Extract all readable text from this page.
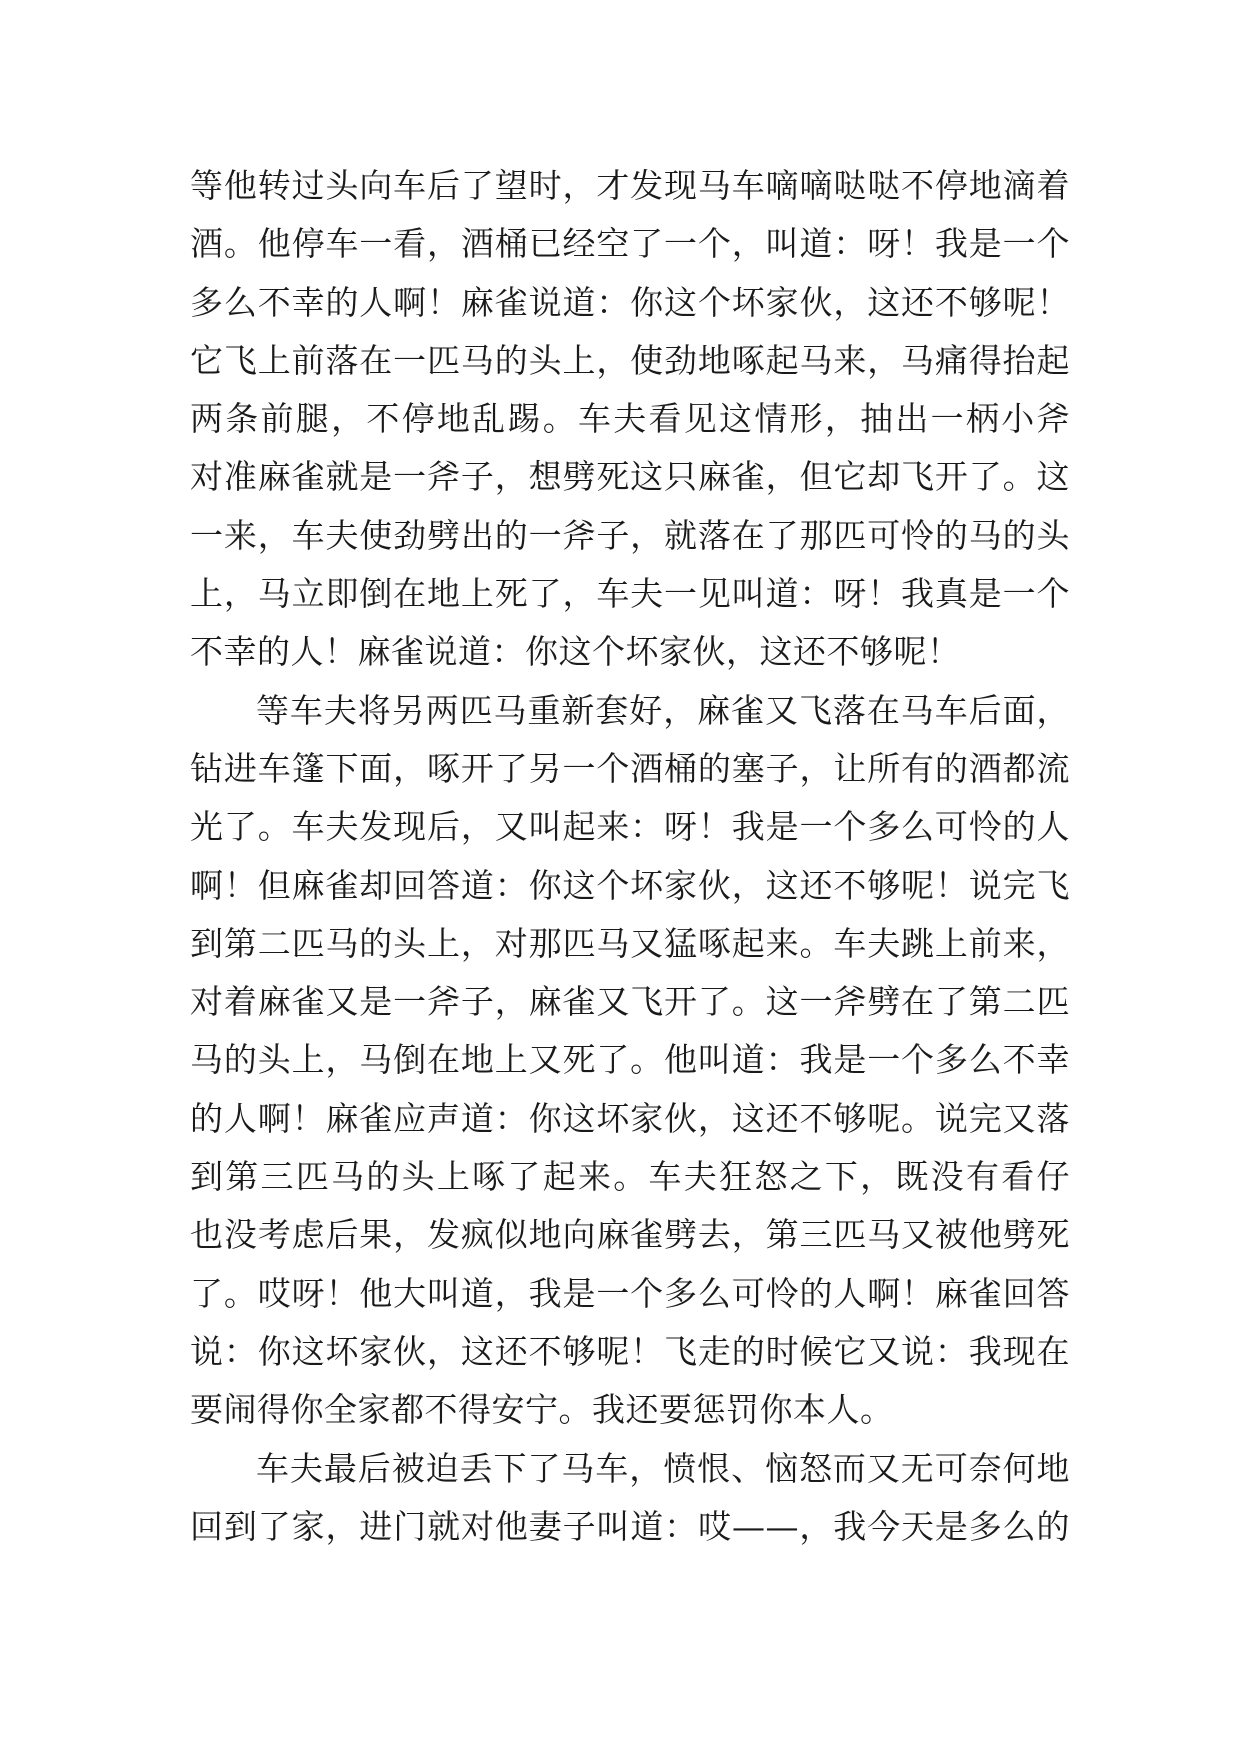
等他转过头向车后了望时，才发现马车嘀嘀哒哒不停地滴着
酒。他停车一看，酒桶已经空了一个，叫道：呀！我是一个
多么不幸的人啊！麻雀说道：你这个坏家伙，这还不够呢！
它飞上前落在一匹马的头上，使劲地啄起马来，马痛得抬起
两条前腿，不停地乱踢。车夫看见这情形，抽出一柄小斧
对准麻雀就是一斧子，想劈死这只麻雀，但它却飞开了。这
一来，车夫使劲劈出的一斧子，就落在了那匹可怜的马的头
上，马立即倒在地上死了，车夫一见叫道：呀！我真是一个
不幸的人！麻雀说道：你这个坏家伙，这还不够呢！
等车夫将另两匹马重新套好，麻雀又飞落在马车后面，
钻进车篷下面，啄开了另一个酒桶的塞子，让所有的酒都流
光了。车夫发现后，又叫起来：呀！我是一个多么可怜的人
啊！但麻雀却回答道：你这个坏家伙，这还不够呢！说完飞
到第二匹马的头上，对那匹马又猛啄起来。车夫跳上前来，
对着麻雀又是一斧子，麻雀又飞开了。这一斧劈在了第二匹
马的头上，马倒在地上又死了。他叫道：我是一个多么不幸
的人啊！麻雀应声道：你这坏家伙，这还不够呢。说完又落
到第三匹马的头上啄了起来。车夫狂怒之下，既没有看仔
也没考虑后果，发疯似地向麻雀劈去，第三匹马又被他劈死
了。哎呀！他大叫道，我是一个多么可怜的人啊！麻雀回答
说：你这坏家伙，这还不够呢！飞走的时候它又说：我现在
要闹得你全家都不得安宁。我还要惩罚你本人。
车夫最后被迫丢下了马车，愤恨、恼怒而又无可奈何地
回到了家，进门就对他妻子叫道：哎——，我今天是多么的
